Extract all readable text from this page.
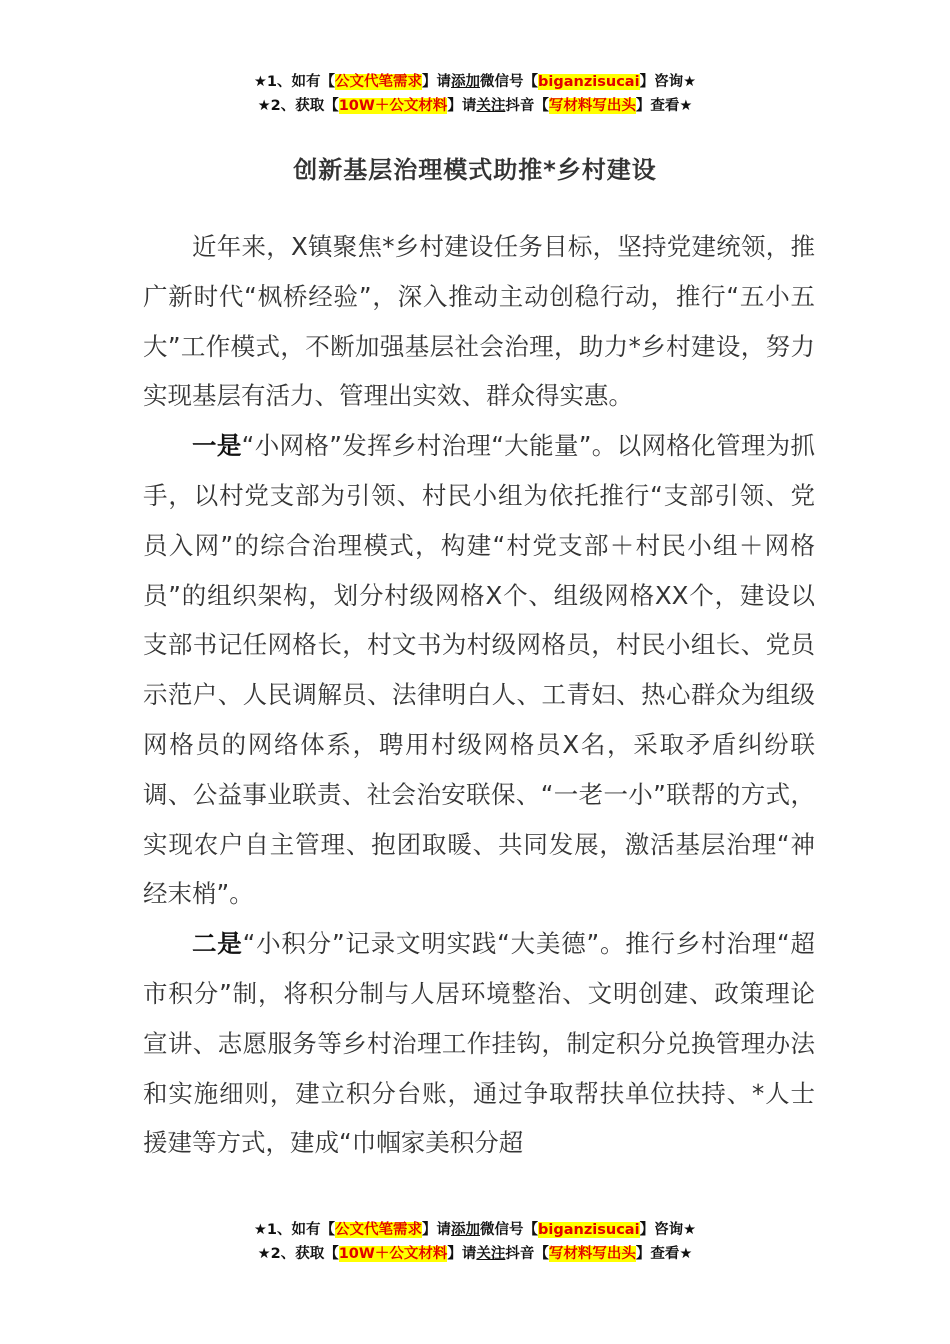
★1、如有【公文代笔需求】请添加微信号【biganzisucai】咨询★
★2、获取【10W＋公文材料】请关注抖音【写材料写出头】查看★
创新基层治理模式助推*乡村建设

近年来，X镇聚焦*乡村建设任务目标，坚持党建统领，推广新时代“枫桥经验”，深入推动主动创稳行动，推行“五小五大”工作模式，不断加强基层社会治理，助力*乡村建设，努力实现基层有活力、管理出实效、群众得实惠。

一是“小网格”发挥乡村治理“大能量”。以网格化管理为抓手，以村党支部为引领、村民小组为依托推行“支部引领、党员入网”的综合治理模式，构建“村党支部＋村民小组＋网格员”的组织架构，划分村级网格X个、组级网格XX个，建设以支部书记任网格长，村文书为村级网格员，村民小组长、党员示范户、人民调解员、法律明白人、工青妇、热心群众为组级网格员的网络体系，聘用村级网格员X名，采取矛盾纠纷联调、公益事业联责、社会治安联保、“一老一小”联帮的方式，实现农户自主管理、抱团取暖、共同发展，激活基层治理“神经末梢”。

二是“小积分”记录文明实践“大美德”。推行乡村治理“超市积分”制，将积分制与人居环境整治、文明创建、政策理论宣讲、志愿服务等乡村治理工作挂钩，制定积分兑换管理办法和实施细则，建立积分台账，通过争取帮扶单位扶持、*人士援建等方式，建成“巾帼家美积分超

★1、如有【公文代笔需求】请添加微信号【biganzisucai】咨询★
★2、获取【10W＋公文材料】请关注抖音【写材料写出头】查看★
